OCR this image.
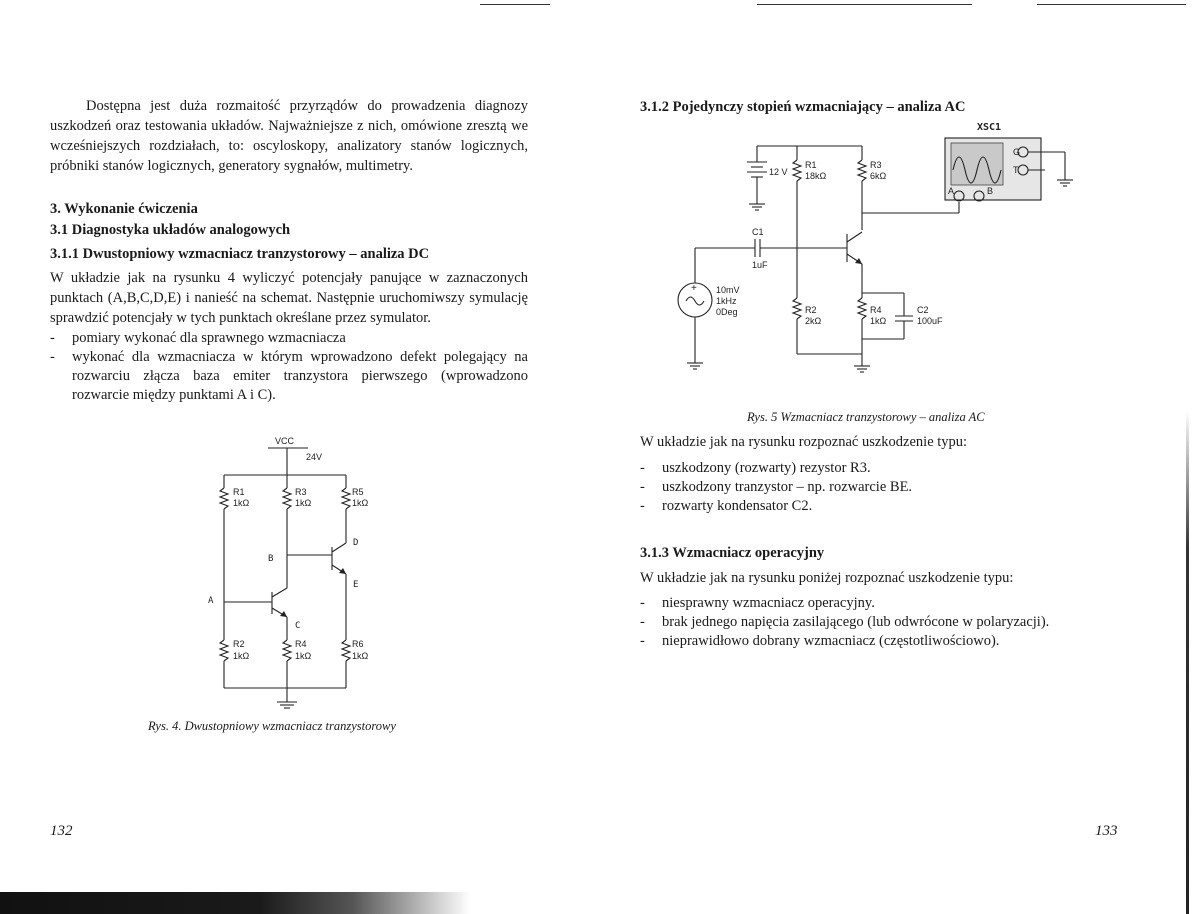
Dostępna jest duża rozmaitość przyrządów do prowadzenia diagnozy uszkodzeń oraz testowania układów. Najważniejsze z nich, omówione zresztą we wcześniejszych rozdziałach, to: oscyloskopy, analizatory stanów logicznych, próbniki stanów logicznych, generatory sygnałów, multimetry.

3. Wykonanie ćwiczenia

3.1 Diagnostyka układów analogowych

3.1.1 Dwustopniowy wzmacniacz tranzystorowy – analiza DC

W układzie jak na rysunku 4 wyliczyć potencjały panujące w zaznaczonych punktach (A,B,C,D,E) i nanieść na schemat. Następnie uruchomiwszy symulację sprawdzić potencjały w tych punktach określane przez symulator.

- pomiary wykonać dla sprawnego wzmacniacza
- wykonać dla wzmacniacza w którym wprowadzono defekt polegający na rozwarciu złącza baza emiter tranzystora pierwszego (wprowadzono rozwarcie między punktami A i C).
VCC
24V
R1
1kΩ
R3
1kΩ
R5
1kΩ
B
D
E
A
C
R2
1kΩ
R4
1kΩ
R6
1kΩ
Rys. 4. Dwustopniowy wzmacniacz tranzystorowy
132

3.1.2 Pojedynczy stopień wzmacniający – analiza AC

XSC1
12 V
R1
18kΩ
R3
6kΩ
C1
1uF
+ 10mV
1kHz
0Deg	R2
2kΩ
R4
1kΩ
C2
100uF
G
T
A	B
Rys. 5 Wzmacniacz tranzystorowy – analiza AC

W układzie jak na rysunku rozpoznać uszkodzenie typu:

- uszkodzony (rozwarty) rezystor R3.
- uszkodzony tranzystor – np. rozwarcie BE.
- rozwarty kondensator C2.

3.1.3 Wzmacniacz operacyjny

W układzie jak na rysunku poniżej rozpoznać uszkodzenie typu:

- niesprawny wzmacniacz operacyjny.
- brak jednego napięcia zasilającego (lub odwrócone w polaryzacji).
- nieprawidłowo dobrany wzmacniacz (częstotliwościowo).
133
